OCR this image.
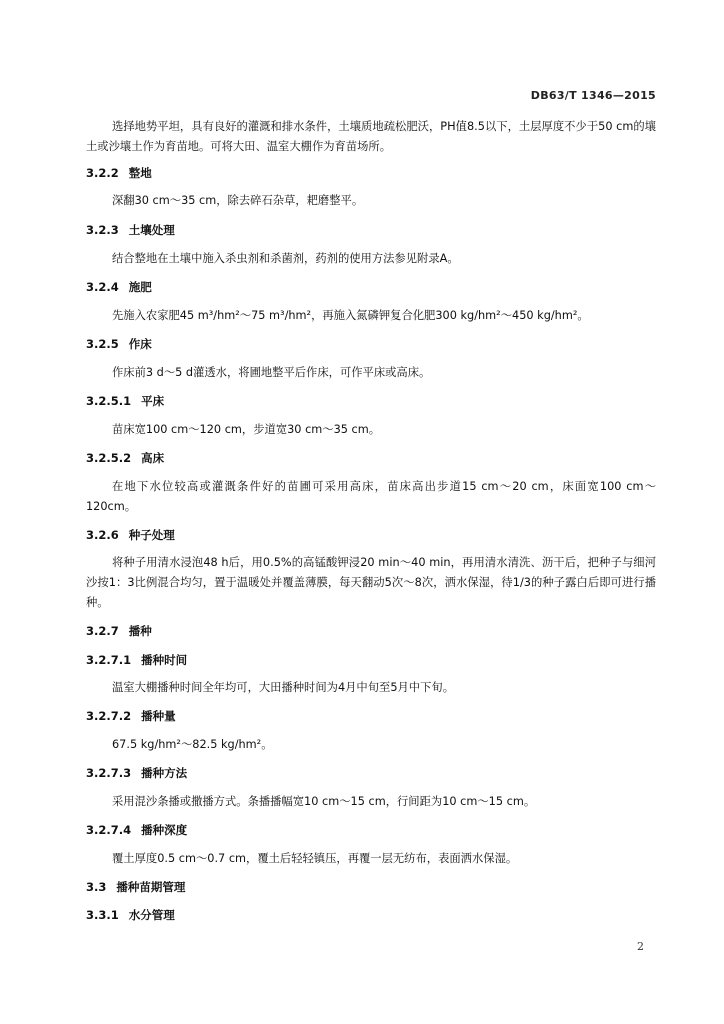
DB63/T 1346—2015
选择地势平坦，具有良好的灌溉和排水条件，土壤质地疏松肥沃，PH值8.5以下，土层厚度不少于50 cm的壤土或沙壤土作为育苗地。可将大田、温室大棚作为育苗场所。
3.2.2 整地
深翻30 cm～35 cm，除去碎石杂草，耙磨整平。
3.2.3 土壤处理
结合整地在土壤中施入杀虫剂和杀菌剂，药剂的使用方法参见附录A。
3.2.4 施肥
先施入农家肥45 m³/hm²～75 m³/hm²，再施入氮磷钾复合化肥300 kg/hm²～450 kg/hm²。
3.2.5 作床
作床前3 d～5 d灌透水，将圃地整平后作床，可作平床或高床。
3.2.5.1 平床
苗床宽100 cm～120 cm，步道宽30 cm～35 cm。
3.2.5.2 高床
在地下水位较高或灌溉条件好的苗圃可采用高床，苗床高出步道15 cm～20 cm，床面宽100 cm～120cm。
3.2.6 种子处理
将种子用清水浸泡48 h后，用0.5%的高锰酸钾浸20 min～40 min，再用清水清洗、沥干后，把种子与细河沙按1：3比例混合均匀，置于温暖处并覆盖薄膜，每天翻动5次～8次，洒水保湿，待1/3的种子露白后即可进行播种。
3.2.7 播种
3.2.7.1 播种时间
温室大棚播种时间全年均可，大田播种时间为4月中旬至5月中下旬。
3.2.7.2 播种量
67.5 kg/hm²～82.5 kg/hm²。
3.2.7.3 播种方法
采用混沙条播或撒播方式。条播播幅宽10 cm～15 cm，行间距为10 cm～15 cm。
3.2.7.4 播种深度
覆土厚度0.5 cm～0.7 cm，覆土后轻轻镇压，再覆一层无纺布，表面洒水保湿。
3.3 播种苗期管理
3.3.1 水分管理
2
